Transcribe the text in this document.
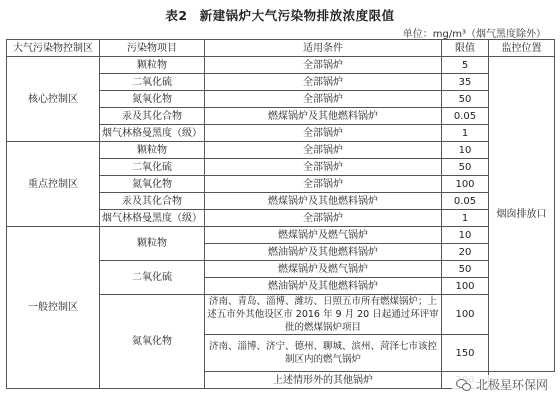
表2 新建锅炉大气污染物排放浓度限值
单位：mg/m³（烟气黑度除外）
大气污染物控制区	污染物项目	适用条件	限值	监控位置
核心控制区	颗粒物	全部锅炉	5	烟囱排放口
	二氧化硫	全部锅炉	35	
	氮氧化物	全部锅炉	50	
	汞及其化合物	燃煤锅炉及其他燃料锅炉	0.05	
	烟气林格曼黑度（级）	全部锅炉	1	
重点控制区	颗粒物	全部锅炉	10	
	二氧化硫	全部锅炉	50	
	氮氧化物	全部锅炉	100	
	汞及其化合物	燃煤锅炉及其他燃料锅炉	0.05	
	烟气林格曼黑度（级）	全部锅炉	1	
一般控制区	颗粒物	燃煤锅炉及燃气锅炉	10	
		燃油锅炉及其他燃料锅炉	20	
	二氧化硫	燃煤锅炉及燃气锅炉	50	
		燃油锅炉及其他燃料锅炉	100	
	氮氧化物	济南、青岛、淄博、潍坊、日照五市所有燃煤锅炉；上述五市外其他设区市 2016 年 9 月 20 日起通过环评审批的燃煤锅炉项目	100	
		济南、淄博、济宁、德州、聊城、滨州、菏泽七市该控制区内的燃气锅炉	150	
		上述情形外的其他锅炉		北极星环保网
